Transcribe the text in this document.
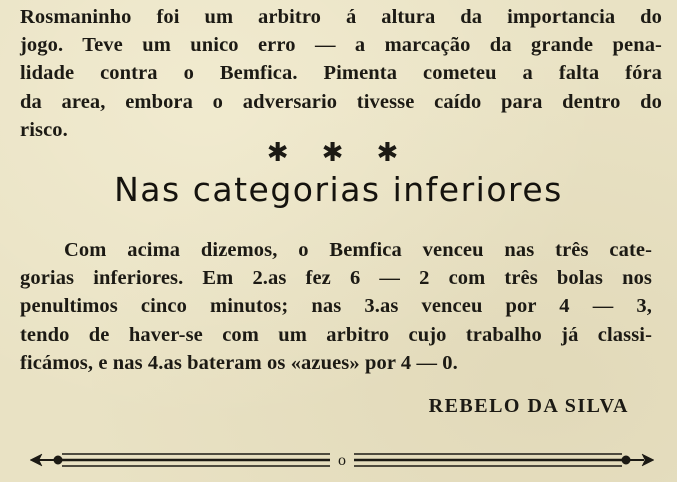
Rosmaninho foi um arbitro á altura da importancia do
jogo. Teve um unico erro — a marcação da grande pena-
lidade contra o Bemfica. Pimenta cometeu a falta fóra
da area, embora o adversario tivesse caído para dentro do
risco.
✱ ✱ ✱
Nas categorias inferiores
Com acima dizemos, o Bemfica venceu nas três cate-
gorias inferiores. Em 2.as fez 6 — 2 com três bolas nos
penultimos cinco minutos; nas 3.as venceu por 4 — 3,
tendo de haver-se com um arbitro cujo trabalho já classi-
ficámos, e nas 4.as bateram os «azues» por 4 — 0.
REBELO DA SILVA
o
